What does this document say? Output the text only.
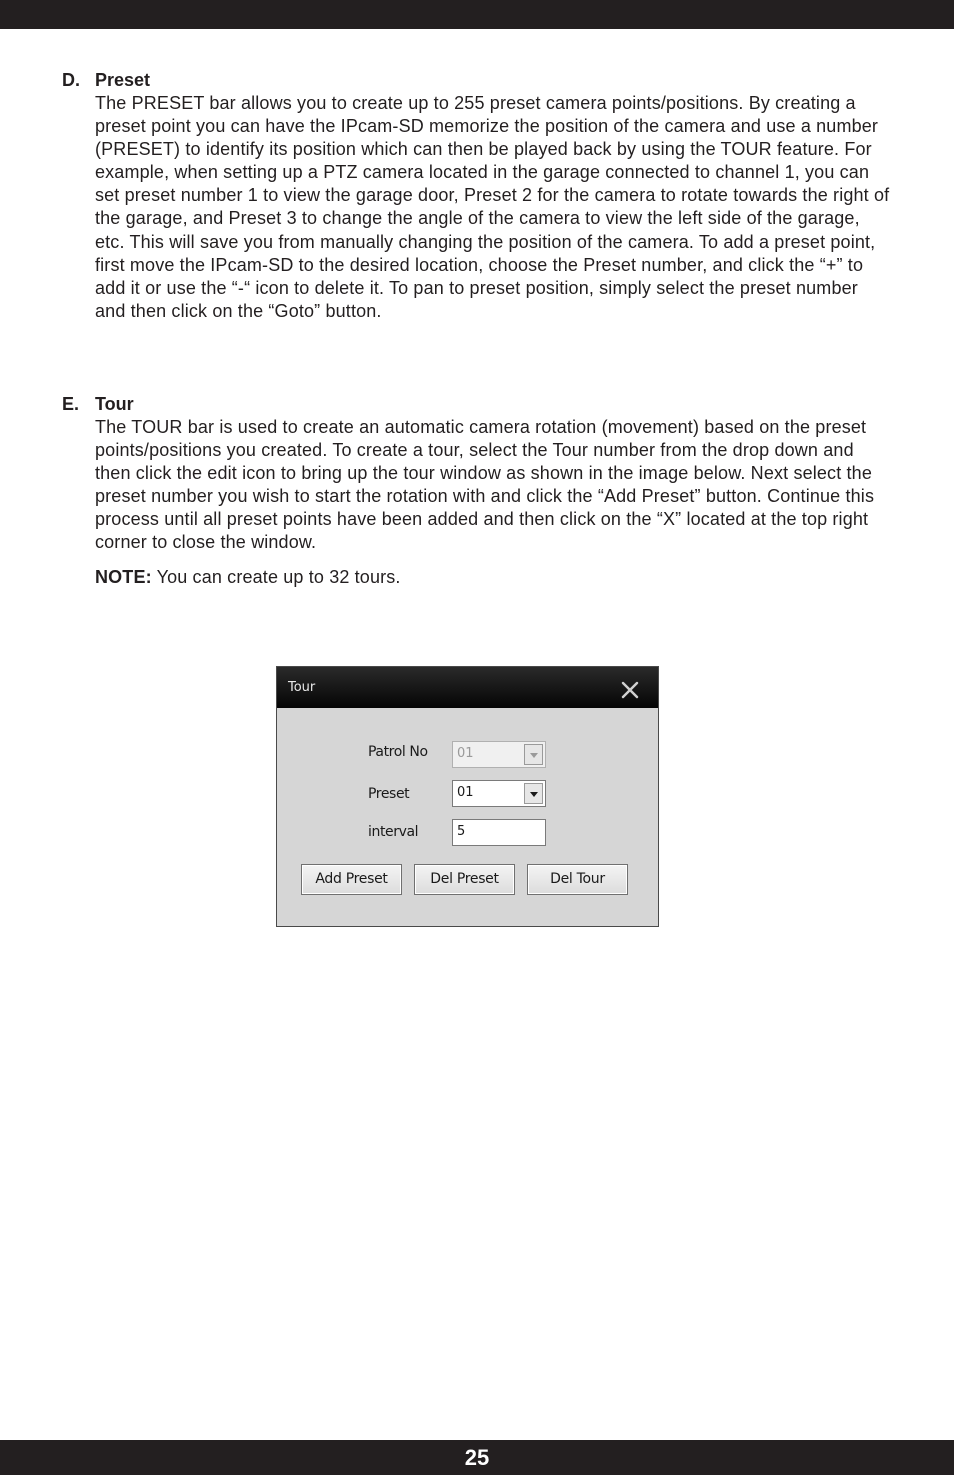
D. Preset
The PRESET bar allows you to create up to 255 preset camera points/positions. By creating a preset point you can have the IPcam-SD memorize the position of the camera and use a number (PRESET) to identify its position which can then be played back by using the TOUR feature. For example, when setting up a PTZ camera located in the garage connected to channel 1, you can set preset number 1 to view the garage door, Preset 2 for the camera to rotate towards the right of the garage, and Preset 3 to change the angle of the camera to view the left side of the garage, etc. This will save you from manually changing the position of the camera. To add a preset point, first move the IPcam-SD to the desired location, choose the Preset number, and click the “+” to add it or use the “-“ icon to delete it. To pan to preset position, simply select the preset number and then click on the “Goto” button.
E. Tour
The TOUR bar is used to create an automatic camera rotation (movement) based on the preset points/positions you created. To create a tour, select the Tour number from the drop down and then click the edit icon to bring up the tour window as shown in the image below. Next select the preset number you wish to start the rotation with and click the “Add Preset” button. Continue this process until all preset points have been added and then click on the “X” located at the top right corner to close the window.
NOTE: You can create up to 32 tours.
Tour
Patrol No	01
Preset	01
interval	5
Add Preset	Del Preset	Del Tour
25
